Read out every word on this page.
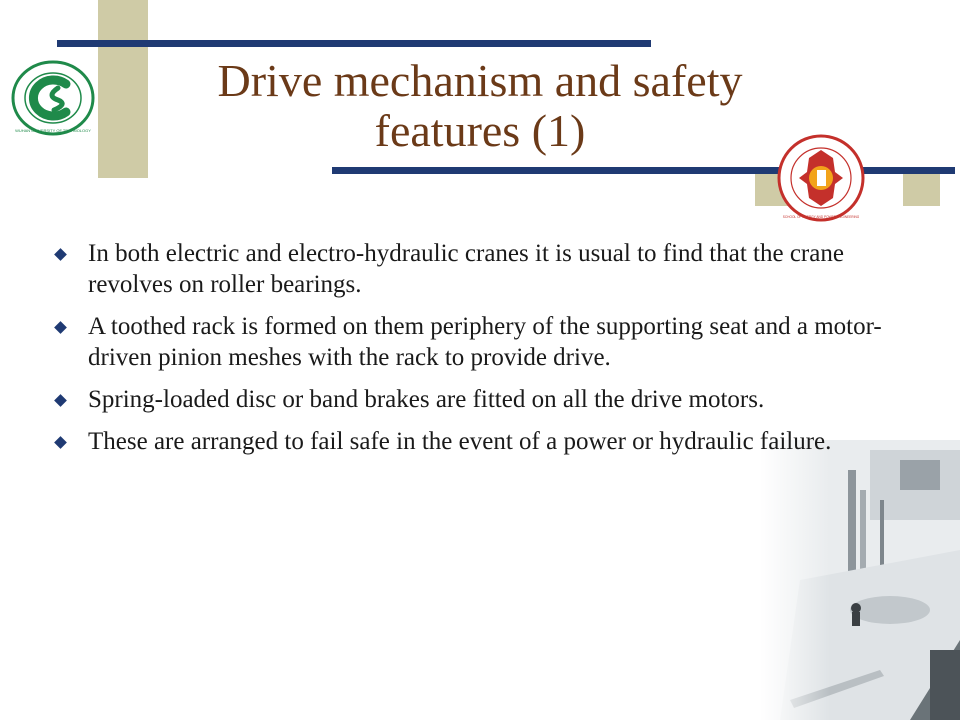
WUHAN UNIVERSITY OF TECHNOLOGY
Drive mechanism and safety
features (1)
SCHOOL OF ENERGY AND POWER ENGINEERING
In both electric and electro-hydraulic cranes it is usual to find that the crane revolves on roller bearings.
A toothed rack is formed on them periphery of the supporting seat and a motor-driven pinion meshes with the rack to provide drive.
Spring-loaded disc or band brakes are fitted on all the drive motors.
These are arranged to fail safe in the event of a power or hydraulic failure.
